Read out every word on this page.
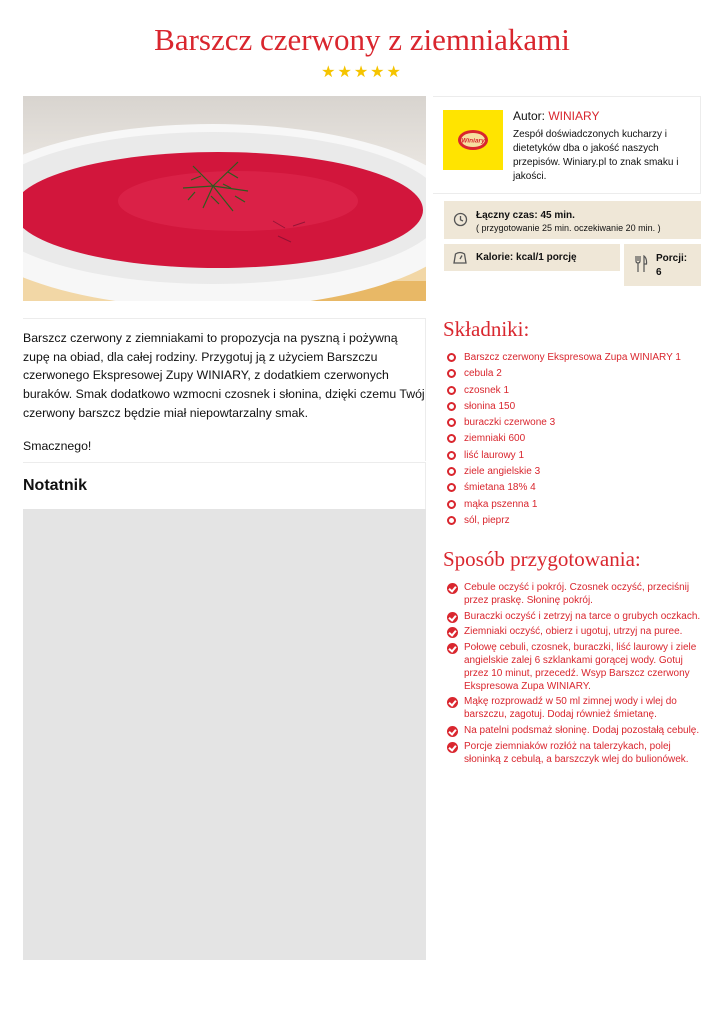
Barszcz czerwony z ziemniakami
★★★★★

Barszcz czerwony z ziemniakami to propozycja na pyszną i pożywną zupę na obiad, dla całej rodziny. Przygotuj ją z użyciem Barszczu czerwonego Ekspresowej Zupy WINIARY, z dodatkiem czerwonych buraków. Smak dodatkowo wzmocni czosnek i słonina, dzięki czemu Twój czerwony barszcz będzie miał niepowtarzalny smak.

Smacznego!

Notatnik
Winiary
Autor: WINIARY
Zespół doświadczonych kucharzy i dietetyków dba o jakość naszych przepisów. Winiary.pl to znak smaku i jakości.
Łączny czas: 45 min.
( przygotowanie 25 min. oczekiwanie 20 min. )
Kalorie: kcal/1 porcję	Porcji:
6
Składniki:
Barszcz czerwony Ekspresowa Zupa WINIARY 1
cebula 2
czosnek 1
słonina 150
buraczki czerwone 3
ziemniaki 600
liść laurowy 1
ziele angielskie 3
śmietana 18% 4
mąka pszenna 1
sól, pieprz
Sposób przygotowania:
Cebule oczyść i pokrój. Czosnek oczyść, przeciśnij przez praskę. Słoninę pokrój.
Buraczki oczyść i zetrzyj na tarce o grubych oczkach.
Ziemniaki oczyść, obierz i ugotuj, utrzyj na puree.
Połowę cebuli, czosnek, buraczki, liść laurowy i ziele angielskie zalej 6 szklankami gorącej wody. Gotuj przez 10 minut, przecedź. Wsyp Barszcz czerwony Ekspresowa Zupa WINIARY.
Mąkę rozprowadź w 50 ml zimnej wody i wlej do barszczu, zagotuj. Dodaj również śmietanę.
Na patelni podsmaż słoninę. Dodaj pozostałą cebulę.
Porcje ziemniaków rozłóż na talerzykach, polej słoninką z cebulą, a barszczyk wlej do bulionówek.
